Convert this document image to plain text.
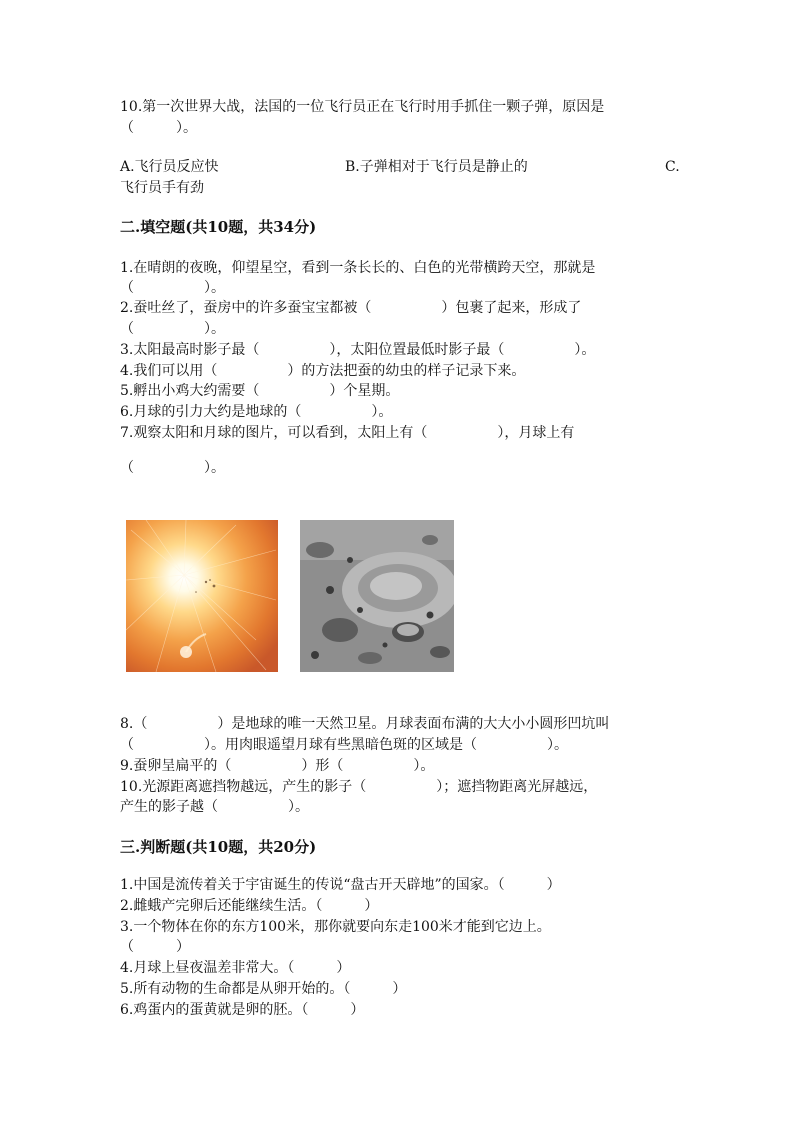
10.第一次世界大战，法国的一位飞行员正在飞行时用手抓住一颗子弹，原因是
（　　　）。
A.飞行员反应快	B.子弹相对于飞行员是静止的	C.
飞行员手有劲
二.填空题(共10题，共34分)
1.在晴朗的夜晚，仰望星空，看到一条长长的、白色的光带横跨天空，那就是
（　　　　　）。
2.蚕吐丝了，蚕房中的许多蚕宝宝都被（　　　　　）包裹了起来，形成了
（　　　　　）。
3.太阳最高时影子最（　　　　　），太阳位置最低时影子最（　　　　　）。
4.我们可以用（　　　　　）的方法把蚕的幼虫的样子记录下来。
5.孵出小鸡大约需要（　　　　　）个星期。
6.月球的引力大约是地球的（　　　　　）。
7.观察太阳和月球的图片，可以看到，太阳上有（　　　　　），月球上有
（　　　　　）。
8.（　　　　　）是地球的唯一天然卫星。月球表面布满的大大小小圆形凹坑叫
（　　　　　）。用肉眼遥望月球有些黑暗色斑的区域是（　　　　　）。
9.蚕卵呈扁平的（　　　　　）形（　　　　　）。
10.光源距离遮挡物越远，产生的影子（　　　　　）；遮挡物距离光屏越远，
产生的影子越（　　　　　）。
三.判断题(共10题，共20分)
1.中国是流传着关于宇宙诞生的传说“盘古开天辟地”的国家。（　　　）
2.雌蛾产完卵后还能继续生活。（　　　）
3.一个物体在你的东方100米，那你就要向东走100米才能到它边上。
（　　　）
4.月球上昼夜温差非常大。（　　　）
5.所有动物的生命都是从卵开始的。（　　　）
6.鸡蛋内的蛋黄就是卵的胚。（　　　）
